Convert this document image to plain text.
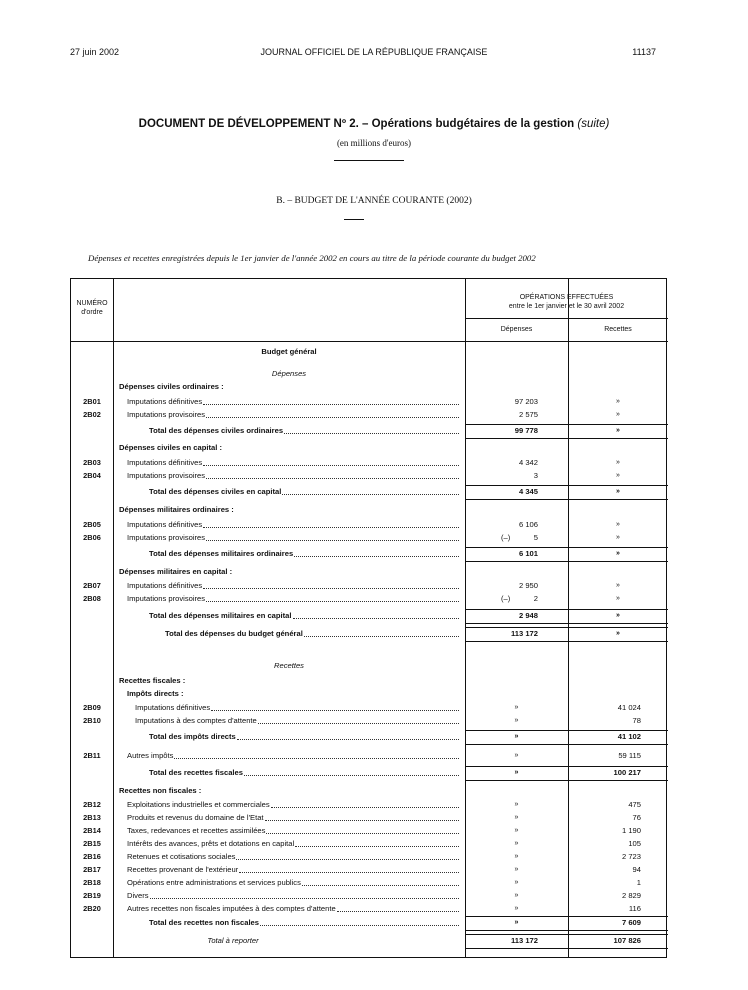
27 juin 2002	JOURNAL OFFICIEL DE LA RÉPUBLIQUE FRANÇAISE	11137
DOCUMENT DE DÉVELOPPEMENT Nº 2. – Opérations budgétaires de la gestion (suite)
(en millions d'euros)
B. – BUDGET DE L'ANNÉE COURANTE (2002)
Dépenses et recettes enregistrées depuis le 1er janvier de l'année 2002 en cours au titre de la période courante du budget 2002
NUMÉRO
d'ordre
OPÉRATIONS EFFECTUÉES
entre le 1er janvier et le 30 avril 2002
Dépenses	Recettes
Budget général
Dépenses
Dépenses civiles ordinaires :
2B01	Imputations définitives	97 203	»
2B02	Imputations provisoires	2 575	»
Total des dépenses civiles ordinaires	99 778	»
Dépenses civiles en capital :
2B03	Imputations définitives	4 342	»
2B04	Imputations provisoires	3	»
Total des dépenses civiles en capital	4 345	»
Dépenses militaires ordinaires :
2B05	Imputations définitives	6 106	»
2B06	Imputations provisoires	(–)	5	»
Total des dépenses militaires ordinaires	6 101	»
Dépenses militaires en capital :
2B07	Imputations définitives	2 950	»
2B08	Imputations provisoires	(–)	2	»
Total des dépenses militaires en capital	2 948	»
Total des dépenses du budget général	113 172	»
Recettes
Recettes fiscales :
Impôts directs :
2B09	Imputations définitives	»	41 024
2B10	Imputations à des comptes d'attente	»	78
Total des impôts directs	»	41 102
2B11	Autres impôts	»	59 115
Total des recettes fiscales	»	100 217
Recettes non fiscales :
2B12	Exploitations industrielles et commerciales	»	475
2B13	Produits et revenus du domaine de l'Etat	»	76
2B14	Taxes, redevances et recettes assimilées	»	1 190
2B15	Intérêts des avances, prêts et dotations en capital	»	105
2B16	Retenues et cotisations sociales	»	2 723
2B17	Recettes provenant de l'extérieur	»	94
2B18	Opérations entre administrations et services publics	»	1
2B19	Divers	»	2 829
2B20	Autres recettes non fiscales imputées à des comptes d'attente	»	116
Total des recettes non fiscales	»	7 609
Total à reporter	113 172	107 826
